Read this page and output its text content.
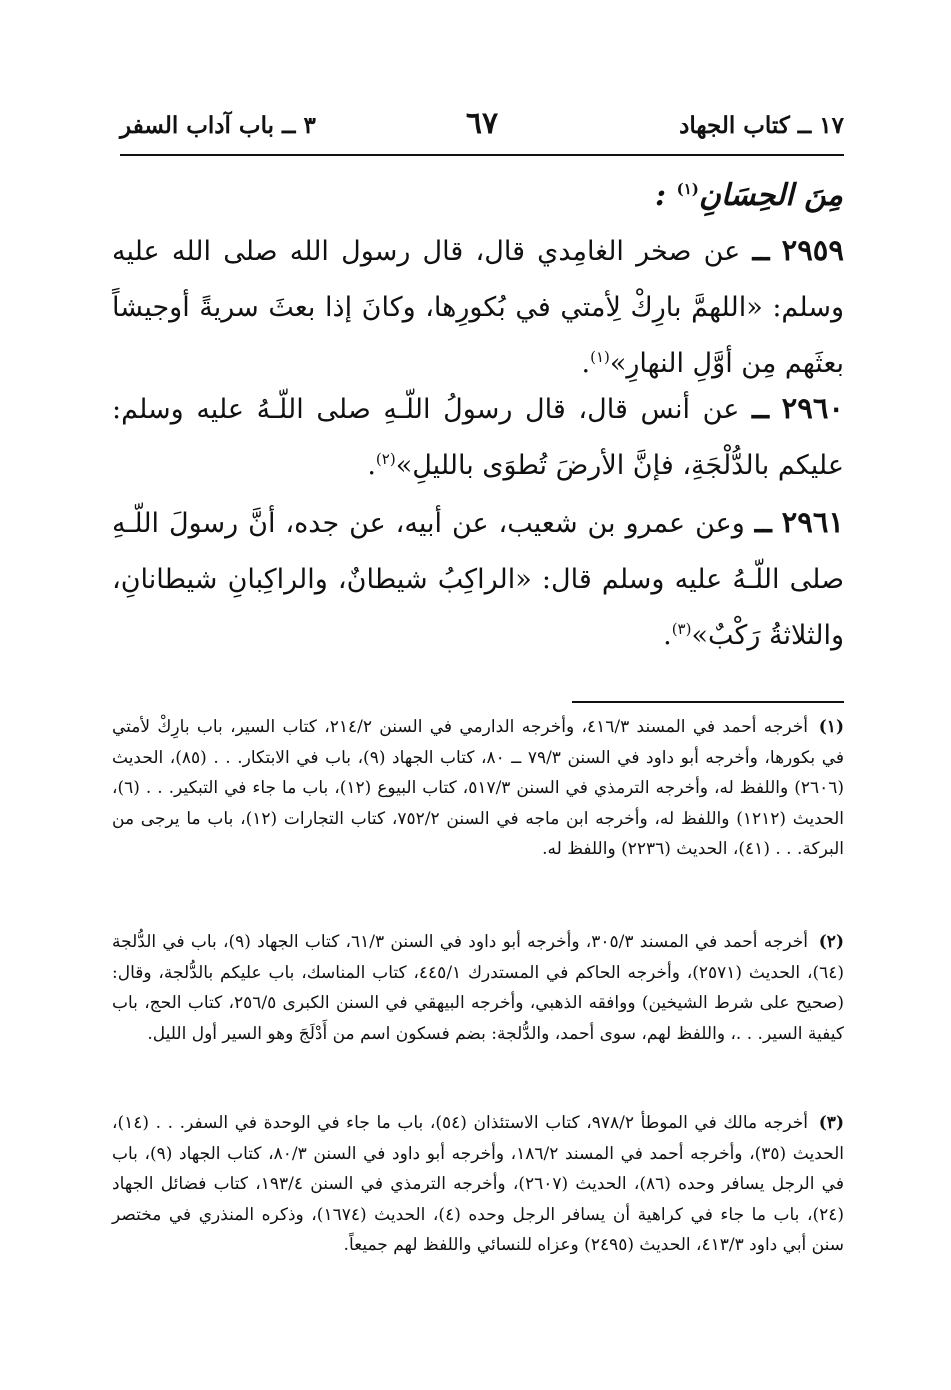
١٧ ــ كتاب الجهاد
٦٧
٣ ــ باب آداب السفر
مِنَ الحِسَانِ$^{(١)}$ :
٢٩٥٩ ــ عن صخر الغامِدي قال، قال رسول الله صلى الله عليه وسلم: «اللهمَّ بارِكْ لِأمتي في بُكورِها، وكانَ إذا بعثَ سريةً أوجيشاً بعثَهم مِن أوَّلِ النهارِ»$^{(١)}$.
٢٩٦٠ ــ عن أنس قال، قال رسولُ اللّـهِ صلى اللّـهُ عليه وسلم: عليكم بالدُّلْجَةِ، فإنَّ الأرضَ تُطوَى بالليلِ»$^{(٢)}$.
٢٩٦١ ــ وعن عمرو بن شعيب، عن أبيه، عن جده، أنَّ رسولَ اللّـهِ صلى اللّـهُ عليه وسلم قال: «الراكِبُ شيطانٌ، والراكِبانِ شيطانانِ، والثلاثةُ رَكْبٌ»$^{(٣)}$.
(١)أخرجه أحمد في المسند ٤١٦/٣، وأخرجه الدارمي في السنن ٢١٤/٢، كتاب السير، باب بارِكْ لأمتي في بكورها، وأخرجه أبو داود في السنن ٧٩/٣ ــ ٨٠، كتاب الجهاد (٩)، باب في الابتكار. . . (٨٥)، الحديث (٢٦٠٦) واللفظ له، وأخرجه الترمذي في السنن ٥١٧/٣، كتاب البيوع (١٢)، باب ما جاء في التبكير. . . (٦)، الحديث (١٢١٢) واللفظ له، وأخرجه ابن ماجه في السنن ٧٥٢/٢، كتاب التجارات (١٢)، باب ما يرجى من البركة. . . (٤١)، الحديث (٢٢٣٦) واللفظ له.
(٢)أخرجه أحمد في المسند ٣٠٥/٣، وأخرجه أبو داود في السنن ٦١/٣، كتاب الجهاد (٩)، باب في الدُّلجة (٦٤)، الحديث (٢٥٧١)، وأخرجه الحاكم في المستدرك ٤٤٥/١، كتاب المناسك، باب عليكم بالدُّلجة، وقال: (صحيح على شرط الشيخين) ووافقه الذهبي، وأخرجه البيهقي في السنن الكبرى ٢٥٦/٥، كتاب الحج، باب كيفية السير. . .، واللفظ لهم، سوى أحمد، والدُّلجة: بضم فسكون اسم من أَدْلَجَ وهو السير أول الليل.
(٣)أخرجه مالك في الموطأ ٩٧٨/٢، كتاب الاستئذان (٥٤)، باب ما جاء في الوحدة في السفر. . . (١٤)، الحديث (٣٥)، وأخرجه أحمد في المسند ١٨٦/٢، وأخرجه أبو داود في السنن ٨٠/٣، كتاب الجهاد (٩)، باب في الرجل يسافر وحده (٨٦)، الحديث (٢٦٠٧)، وأخرجه الترمذي في السنن ١٩٣/٤، كتاب فضائل الجهاد (٢٤)، باب ما جاء في كراهية أن يسافر الرجل وحده (٤)، الحديث (١٦٧٤)، وذكره المنذري في مختصر سنن أبي داود ٤١٣/٣، الحديث (٢٤٩٥) وعزاه للنسائي واللفظ لهم جميعاً.
